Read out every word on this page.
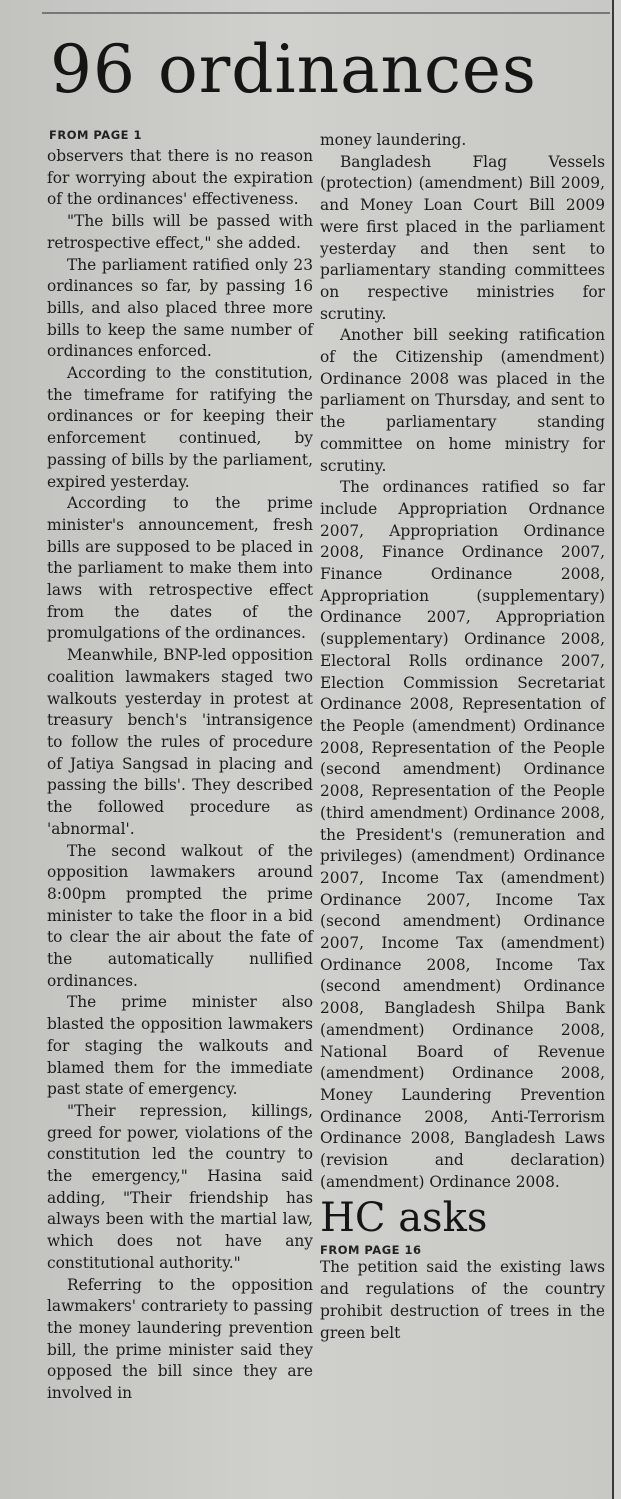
96 ordinances
FROM PAGE 1

observers that there is no reason for worrying about the expiration of the ordinances' effectiveness.

"The bills will be passed with retrospective effect," she added.

The parliament ratified only 23 ordinances so far, by passing 16 bills, and also placed three more bills to keep the same number of ordinances enforced.

According to the constitution, the timeframe for ratifying the ordinances or for keeping their enforcement continued, by passing of bills by the parliament, expired yesterday.

According to the prime minister's announcement, fresh bills are supposed to be placed in the parliament to make them into laws with retrospective effect from the dates of the promulgations of the ordinances.

Meanwhile, BNP-led opposition coalition lawmakers staged two walkouts yesterday in protest at treasury bench's 'intransigence to follow the rules of procedure of Jatiya Sangsad in placing and passing the bills'. They described the followed procedure as 'abnormal'.

The second walkout of the opposition lawmakers around 8:00pm prompted the prime minister to take the floor in a bid to clear the air about the fate of the automatically nullified ordinances.

The prime minister also blasted the opposition lawmakers for staging the walkouts and blamed them for the immediate past state of emergency.

"Their repression, killings, greed for power, violations of the constitution led the country to the emergency," Hasina said adding, "Their friendship has always been with the martial law, which does not have any constitutional authority."

Referring to the opposition lawmakers' contrariety to passing the money laundering prevention bill, the prime minister said they opposed the bill since they are involved in

money laundering.

Bangladesh Flag Vessels (protection) (amendment) Bill 2009, and Money Loan Court Bill 2009 were first placed in the parliament yesterday and then sent to parliamentary standing committees on respective ministries for scrutiny.

Another bill seeking ratification of the Citizenship (amendment) Ordinance 2008 was placed in the parliament on Thursday, and sent to the parliamentary standing committee on home ministry for scrutiny.

The ordinances ratified so far include Appropriation Ordnance 2007, Appropriation Ordinance 2008, Finance Ordinance 2007, Finance Ordinance 2008, Appropriation (supplementary) Ordinance 2007, Appropriation (supplementary) Ordinance 2008, Electoral Rolls ordinance 2007, Election Commission Secretariat Ordinance 2008, Representation of the People (amendment) Ordinance 2008, Representation of the People (second amendment) Ordinance 2008, Representation of the People (third amendment) Ordinance 2008, the President's (remuneration and privileges) (amendment) Ordinance 2007, Income Tax (amendment) Ordinance 2007, Income Tax (second amendment) Ordinance 2007, Income Tax (amendment) Ordinance 2008, Income Tax (second amendment) Ordinance 2008, Bangladesh Shilpa Bank (amendment) Ordinance 2008, National Board of Revenue (amendment) Ordinance 2008, Money Laundering Prevention Ordinance 2008, Anti-Terrorism Ordinance 2008, Bangladesh Laws (revision and declaration) (amendment) Ordinance 2008.

HC asks

FROM PAGE 16

The petition said the existing laws and regulations of the country prohibit destruction of trees in the green belt
